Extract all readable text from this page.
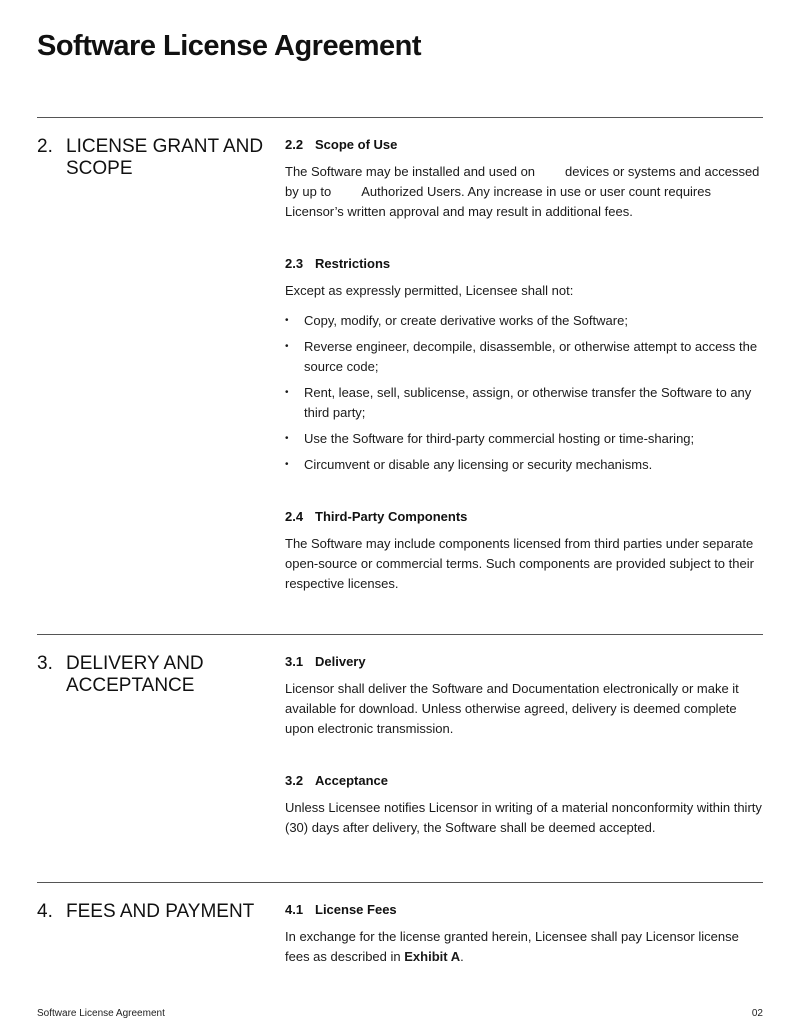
Software License Agreement
2. LICENSE GRANT AND SCOPE
2.2 Scope of Use

The Software may be installed and used on devices or systems and accessed by up to Authorized Users. Any increase in use or user count requires Licensor’s written approval and may result in additional fees.

2.3 Restrictions

Except as expressly permitted, Licensee shall not:

• Copy, modify, or create derivative works of the Software;
• Reverse engineer, decompile, disassemble, or otherwise attempt to access the source code;
• Rent, lease, sell, sublicense, assign, or otherwise transfer the Software to any third party;
• Use the Software for third-party commercial hosting or time-sharing;
• Circumvent or disable any licensing or security mechanisms.
2.4 Third-Party Components

The Software may include components licensed from third parties under separate open-source or commercial terms. Such components are provided subject to their respective licenses.

3. DELIVERY AND ACCEPTANCE
3.1 Delivery

Licensor shall deliver the Software and Documentation electronically or make it available for download. Unless otherwise agreed, delivery is deemed complete upon electronic transmission.

3.2 Acceptance

Unless Licensee notifies Licensor in writing of a material nonconformity within thirty (30) days after delivery, the Software shall be deemed accepted.

4. FEES AND PAYMENT	4.1 License Fees

In exchange for the license granted herein, Licensee shall pay Licensor license fees as described in Exhibit A.

Software License Agreement	02
